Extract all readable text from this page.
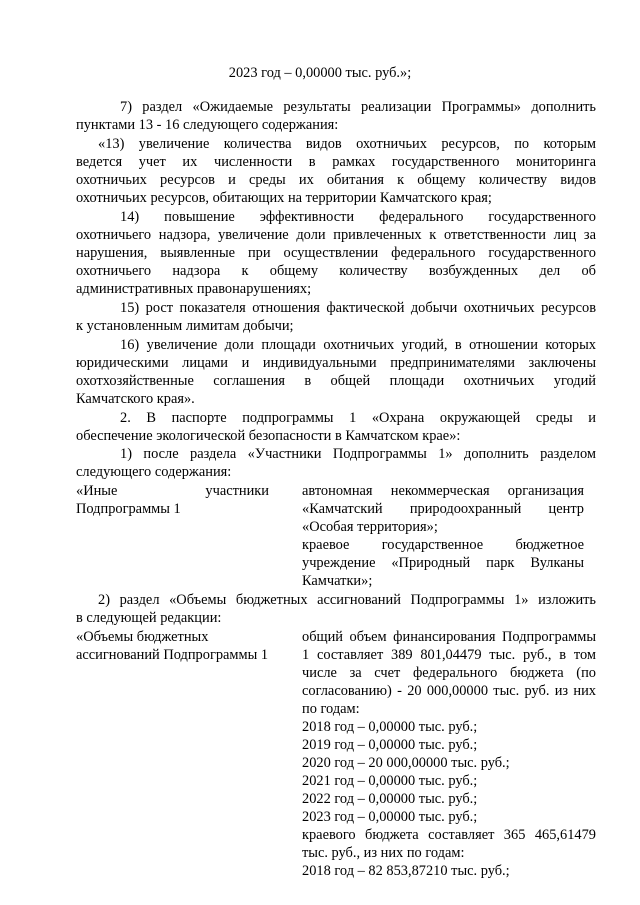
2023 год – 0,00000 тыс. руб.»;
7) раздел «Ожидаемые результаты реализации Программы» дополнить
пунктами 13 - 16 следующего содержания:
«13) увеличение количества видов охотничьих ресурсов, по которым
ведется учет их численности в рамках государственного мониторинга
охотничьих ресурсов и среды их обитания к общему количеству видов
охотничьих ресурсов, обитающих на территории Камчатского края;
14) повышение эффективности федерального государственного
охотничьего надзора, увеличение доли привлеченных к ответственности лиц за
нарушения, выявленные при осуществлении федерального государственного
охотничьего надзора к общему количеству возбужденных дел об
административных правонарушениях;
15) рост показателя отношения фактической добычи охотничьих ресурсов
к установленным лимитам добычи;
16) увеличение доли площади охотничьих угодий, в отношении которых
юридическими лицами и индивидуальными предпринимателями заключены
охотхозяйственные соглашения в общей площади охотничьих угодий
Камчатского края».
2. В паспорте подпрограммы 1 «Охрана окружающей среды и
обеспечение экологической безопасности в Камчатском крае»:
1) после раздела «Участники Подпрограммы 1» дополнить разделом
следующего содержания:
«Иные участники
Подпрограммы 1
автономная некоммерческая организация
«Камчатский природоохранный центр
«Особая территория»;
краевое государственное бюджетное
учреждение «Природный парк Вулканы
Камчатки»;
2) раздел «Объемы бюджетных ассигнований Подпрограммы 1» изложить
в следующей редакции:
«Объемы бюджетных
ассигнований Подпрограммы 1
общий объем финансирования Подпрограммы
1 составляет 389 801,04479 тыс. руб., в том
числе за счет федерального бюджета (по
согласованию) - 20 000,00000 тыс. руб. из них
по годам:
2018 год – 0,00000 тыс. руб.;
2019 год – 0,00000 тыс. руб.;
2020 год – 20 000,00000 тыс. руб.;
2021 год – 0,00000 тыс. руб.;
2022 год – 0,00000 тыс. руб.;
2023 год – 0,00000 тыс. руб.;
краевого бюджета составляет 365 465,61479
тыс. руб., из них по годам:
2018 год – 82 853,87210 тыс. руб.;
